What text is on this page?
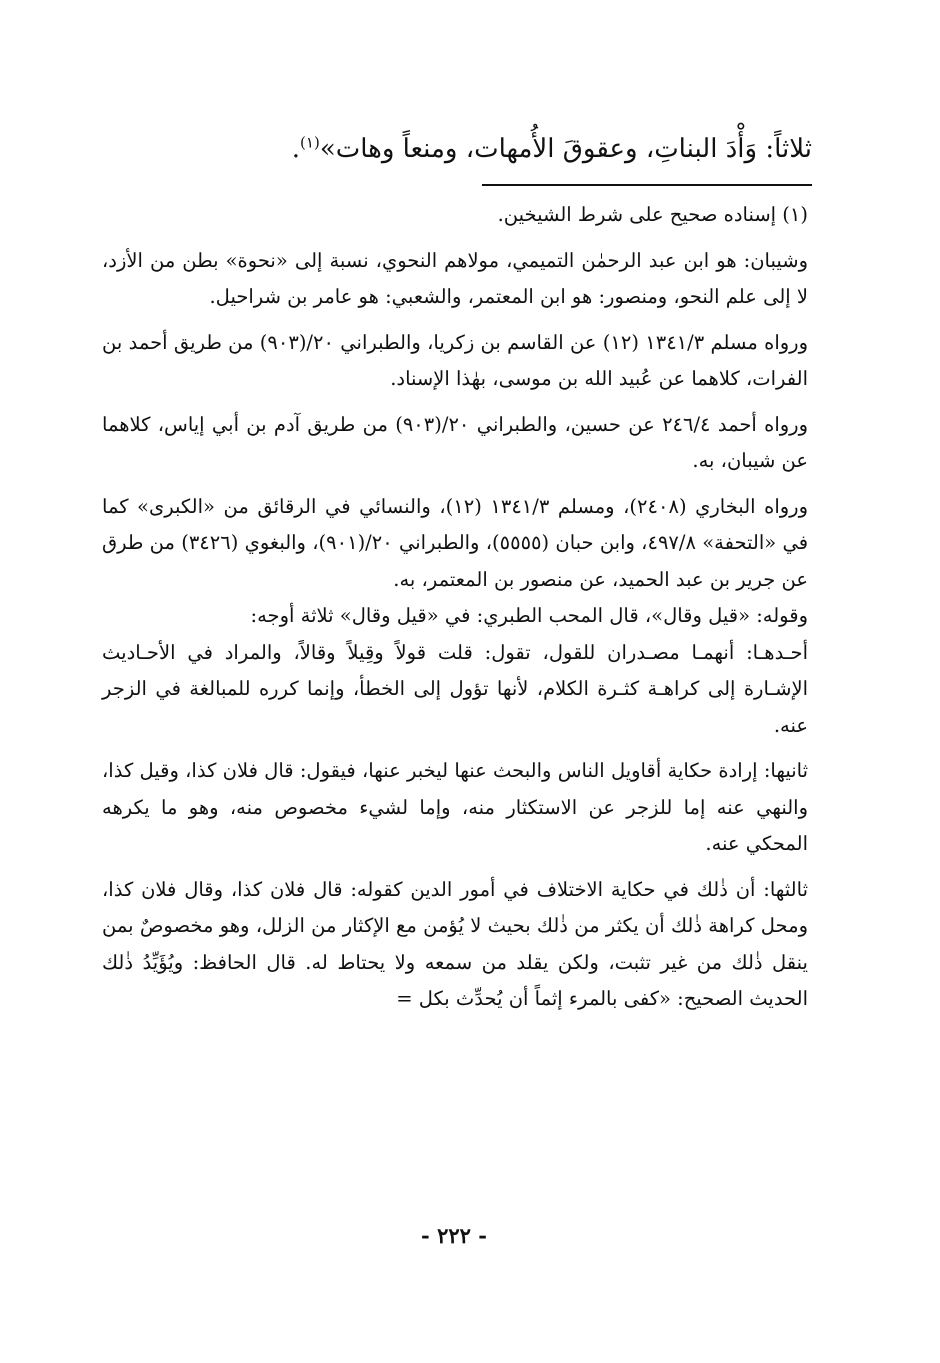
ثلاثاً: وَأْدَ البناتِ، وعقوقَ الأُمهات، ومنعاً وهات»$^{(١)}$.

(١) إسناده صحيح على شرط الشيخين.

وشيبان: هو ابن عبد الرحمٰن التميمي، مولاهم النحوي، نسبة إلى «نحوة» بطن من الأزد، لا إلى علم النحو، ومنصور: هو ابن المعتمر، والشعبي: هو عامر بن شراحيل.

ورواه مسلم ١٣٤١/٣ (١٢) عن القاسم بن زكريا، والطبراني ٢٠/(٩٠٣) من طريق أحمد بن الفرات، كلاهما عن عُبيد الله بن موسى، بهٰذا الإسناد.

ورواه أحمد ٢٤٦/٤ عن حسين، والطبراني ٢٠/(٩٠٣) من طريق آدم بن أبي إياس، كلاهما عن شيبان، به.

ورواه البخاري (٢٤٠٨)، ومسلم ١٣٤١/٣ (١٢)، والنسائي في الرقائق من «الكبرى» كما في «التحفة» ٤٩٧/٨، وابن حبان (٥٥٥٥)، والطبراني ٢٠/(٩٠١)، والبغوي (٣٤٢٦) من طرق عن جرير بن عبد الحميد، عن منصور بن المعتمر، به.

وقوله: «قيل وقال»، قال المحب الطبري: في «قيل وقال» ثلاثة أوجه:

أحـدهـا: أنهمـا مصـدران للقول، تقول: قلت قولاً وقِيلاً وقالاً، والمراد في الأحـاديث الإشـارة إلى كراهـة كثـرة الكلام، لأنها تؤول إلى الخطأ، وإنما كرره للمبالغة في الزجر عنه.

ثانيها: إرادة حكاية أقاويل الناس والبحث عنها ليخبر عنها، فيقول: قال فلان كذا، وقيل كذا، والنهي عنه إما للزجر عن الاستكثار منه، وإما لشيء مخصوص منه، وهو ما يكرهه المحكي عنه.

ثالثها: أن ذٰلك في حكاية الاختلاف في أمور الدين كقوله: قال فلان كذا، وقال فلان كذا، ومحل كراهة ذٰلك أن يكثر من ذٰلك بحيث لا يُؤمن مع الإكثار من الزلل، وهو مخصوصٌ بمن ينقل ذٰلك من غير تثبت، ولكن يقلد من سمعه ولا يحتاط له. قال الحافظ: ويُؤَيِّدُ ذٰلك الحديث الصحيح: «كفى بالمرء إثماً أن يُحدِّث بكل =

- ٢٢٢ -
